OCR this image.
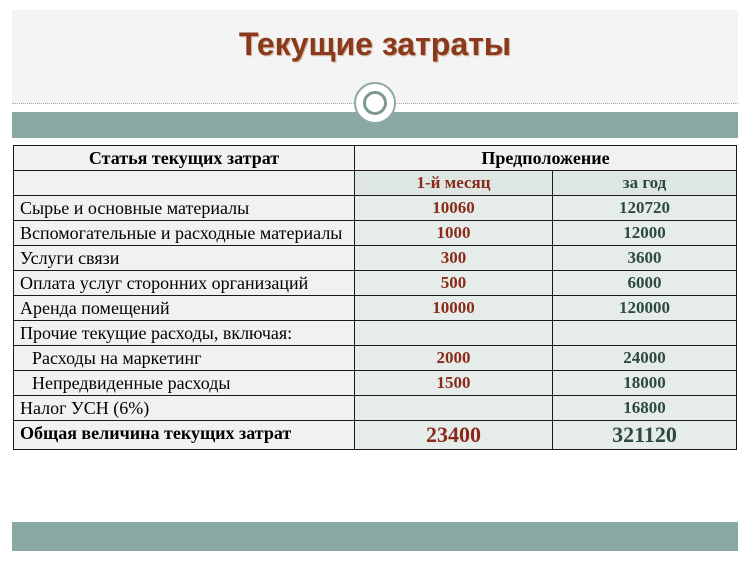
Текущие затраты
Статья текущих затрат	Предположение	
	1-й месяц	за год
Сырье и основные материалы	10060	120720
Вспомогательные и расходные материалы	1000	12000
Услуги связи	300	3600
Оплата услуг сторонних организаций	500	6000
Аренда помещений	10000	120000
Прочие текущие расходы, включая:		
Расходы на маркетинг	2000	24000
Непредвиденные расходы	1500	18000
Налог УСН (6%)		16800
Общая величина текущих затрат	23400	321120
